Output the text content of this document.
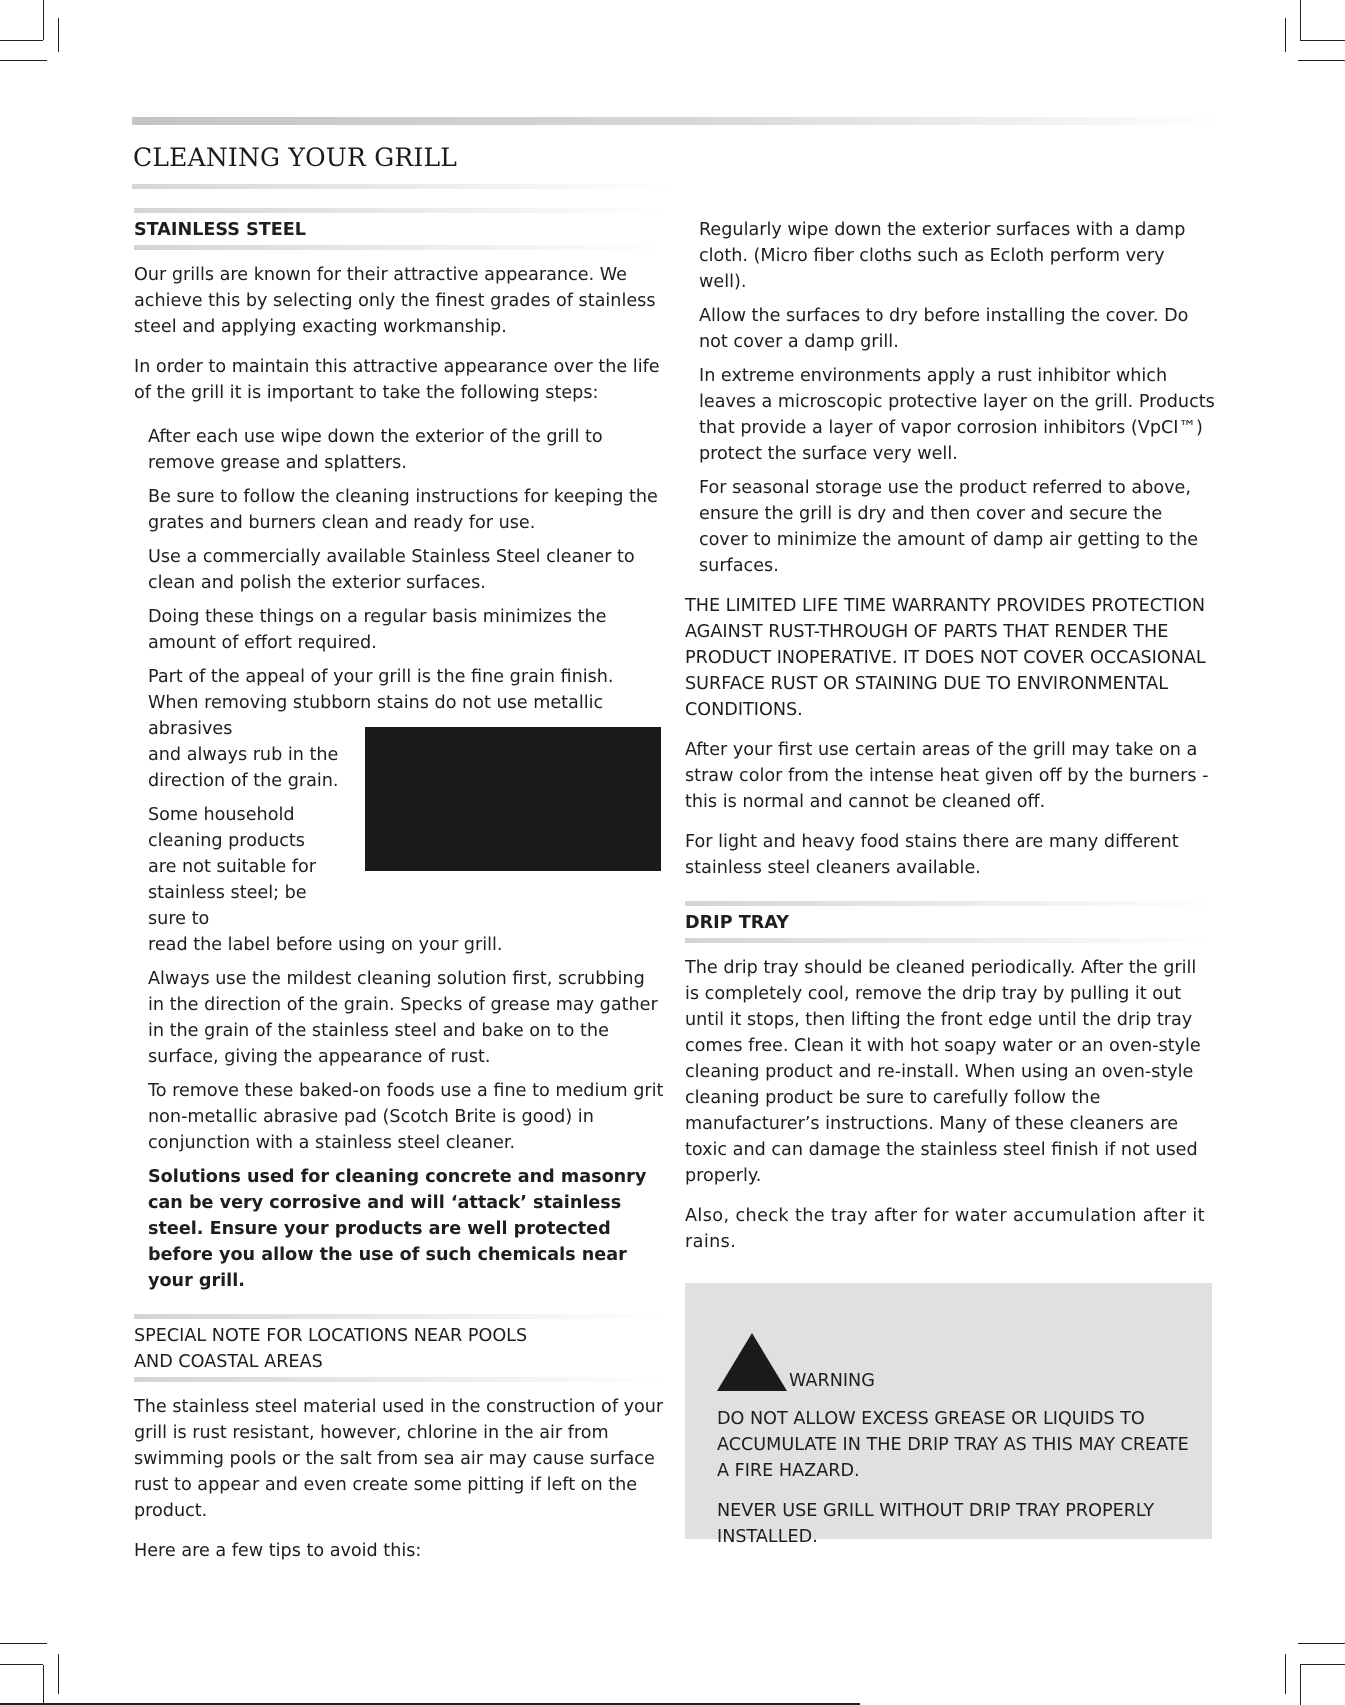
CLEANING YOUR GRILL
STAINLESS STEEL

Our grills are known for their attractive appearance. We achieve this by selecting only the finest grades of stainless steel and applying exacting workmanship.

In order to maintain this attractive appearance over the life of the grill it is important to take the following steps:

After each use wipe down the exterior of the grill to remove grease and splatters.

Be sure to follow the cleaning instructions for keeping the grates and burners clean and ready for use.

Use a commercially available Stainless Steel cleaner to clean and polish the exterior surfaces.

Doing these things on a regular basis minimizes the amount of effort required.

Part of the appeal of your grill is the fine grain finish. When removing stubborn stains do not use metallic abrasives
and always rub in the direction of the grain.

Some household cleaning products are not suitable for stainless steel; be sure to
read the label before using on your grill.

Always use the mildest cleaning solution first, scrubbing in the direction of the grain. Specks of grease may gather in the grain of the stainless steel and bake on to the surface, giving the appearance of rust.

To remove these baked-on foods use a fine to medium grit non-metallic abrasive pad (Scotch Brite is good) in conjunction with a stainless steel cleaner.

Solutions used for cleaning concrete and masonry can be very corrosive and will ‘attack’ stainless steel. Ensure your products are well protected before you allow the use of such chemicals near your grill.

SPECIAL NOTE FOR LOCATIONS NEAR POOLS
AND COASTAL AREAS

The stainless steel material used in the construction of your grill is rust resistant, however, chlorine in the air from swimming pools or the salt from sea air may cause surface rust to appear and even create some pitting if left on the product.

Here are a few tips to avoid this:

Regularly wipe down the exterior surfaces with a damp cloth. (Micro fiber cloths such as Ecloth perform very well).

Allow the surfaces to dry before installing the cover. Do not cover a damp grill.

In extreme environments apply a rust inhibitor which leaves a microscopic protective layer on the grill. Products that provide a layer of vapor corrosion inhibitors (VpCI™) protect the surface very well.

For seasonal storage use the product referred to above, ensure the grill is dry and then cover and secure the cover to minimize the amount of damp air getting to the surfaces.

THE LIMITED LIFE TIME WARRANTY PROVIDES PROTECTION AGAINST RUST-THROUGH OF PARTS THAT RENDER THE PRODUCT INOPERATIVE. IT DOES NOT COVER OCCASIONAL SURFACE RUST OR STAINING DUE TO ENVIRONMENTAL CONDITIONS.

After your first use certain areas of the grill may take on a straw color from the intense heat given off by the burners - this is normal and cannot be cleaned off.

For light and heavy food stains there are many different stainless steel cleaners available.

DRIP TRAY

The drip tray should be cleaned periodically. After the grill is completely cool, remove the drip tray by pulling it out until it stops, then lifting the front edge until the drip tray comes free. Clean it with hot soapy water or an oven-style cleaning product and re-install. When using an oven-style cleaning product be sure to carefully follow the manufacturer’s instructions. Many of these cleaners are toxic and can damage the stainless steel finish if not used properly.

Also, check the tray after for water accumulation after it rains.

WARNING

DO NOT ALLOW EXCESS GREASE OR LIQUIDS TO ACCUMULATE IN THE DRIP TRAY AS THIS MAY CREATE A FIRE HAZARD.

NEVER USE GRILL WITHOUT DRIP TRAY PROPERLY INSTALLED.
